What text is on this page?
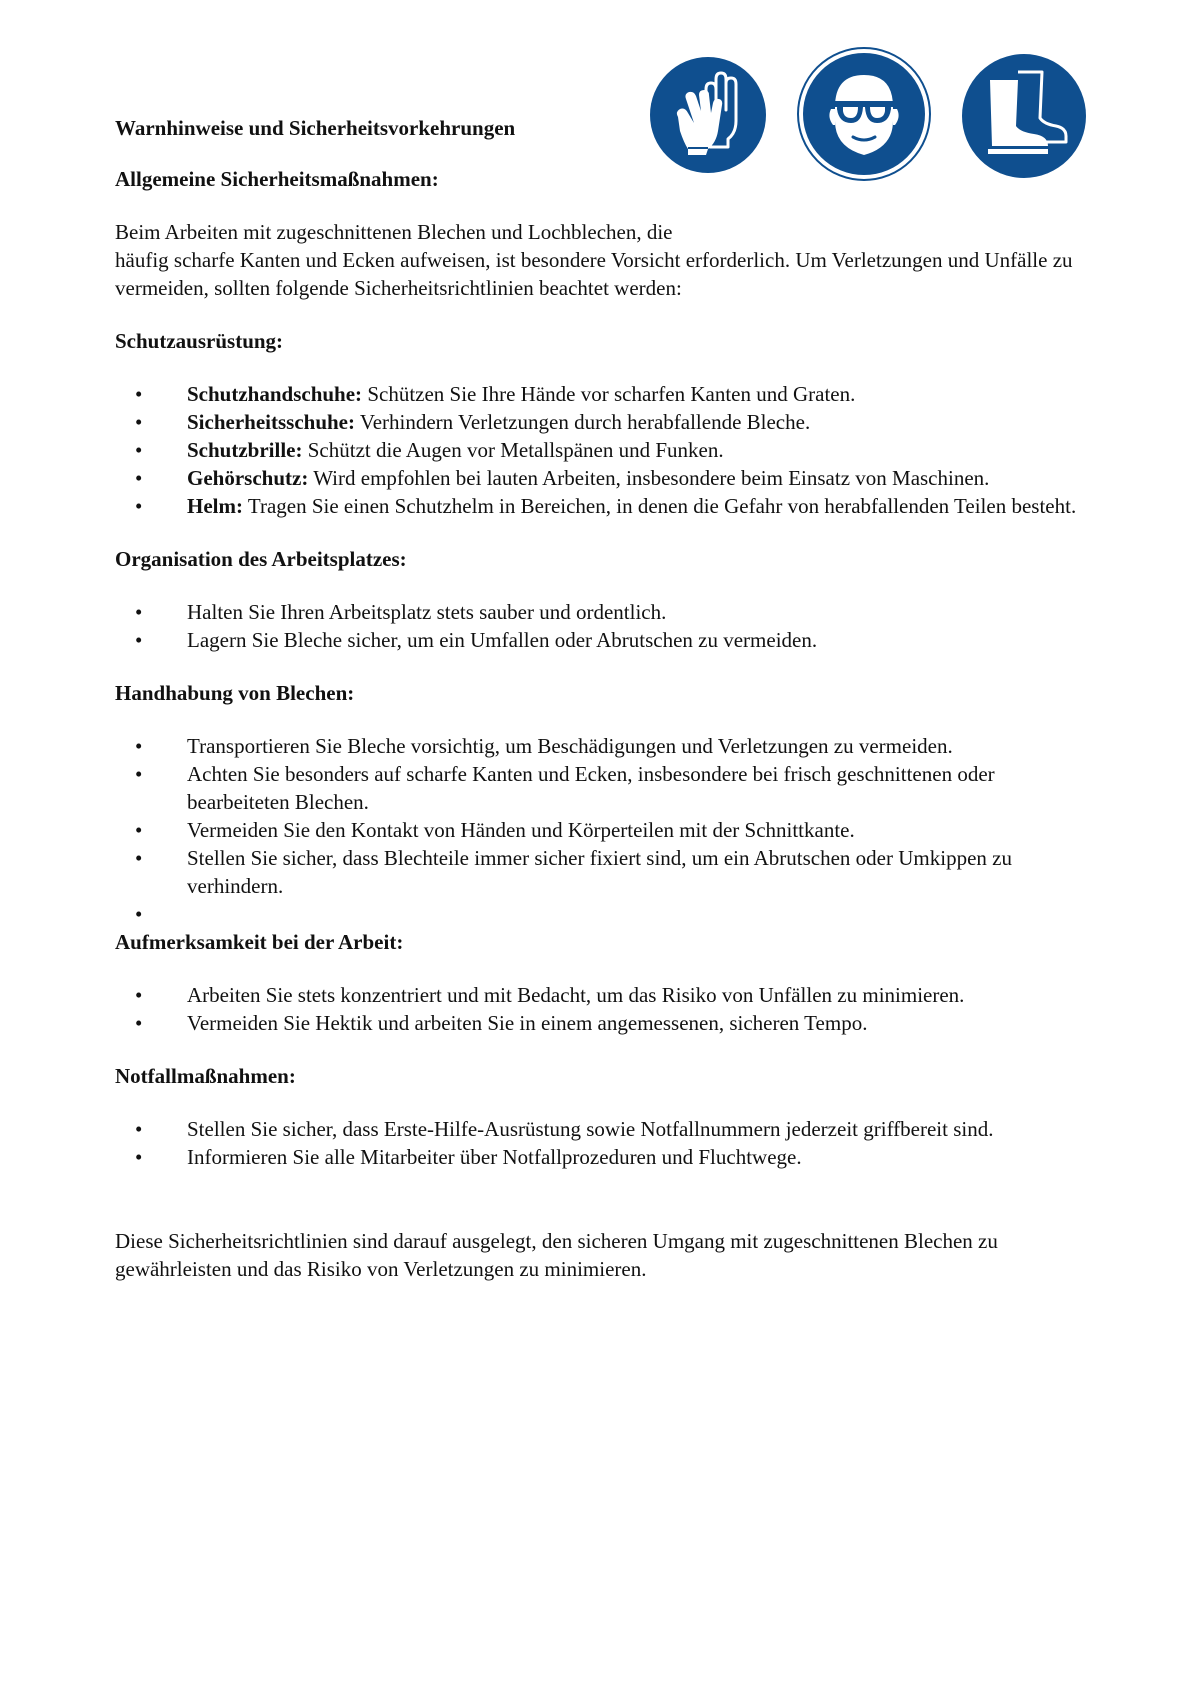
Warnhinweise und Sicherheitsvorkehrungen

Allgemeine Sicherheitsmaßnahmen:

Beim Arbeiten mit zugeschnittenen Blechen und Lochblechen, die

häufig scharfe Kanten und Ecken aufweisen, ist besondere Vorsicht erforderlich. Um Verletzungen und Unfälle zu vermeiden, sollten folgende Sicherheitsrichtlinien beachtet werden:

Schutzausrüstung:

•	Schutzhandschuhe: Schützen Sie Ihre Hände vor scharfen Kanten und Graten.
•	Sicherheitsschuhe: Verhindern Verletzungen durch herabfallende Bleche.
•	Schutzbrille: Schützt die Augen vor Metallspänen und Funken.
•	Gehörschutz: Wird empfohlen bei lauten Arbeiten, insbesondere beim Einsatz von Maschinen.
•	Helm: Tragen Sie einen Schutzhelm in Bereichen, in denen die Gefahr von herabfallenden Teilen besteht.

Organisation des Arbeitsplatzes:

•	Halten Sie Ihren Arbeitsplatz stets sauber und ordentlich.
•	Lagern Sie Bleche sicher, um ein Umfallen oder Abrutschen zu vermeiden.

Handhabung von Blechen:

•	Transportieren Sie Bleche vorsichtig, um Beschädigungen und Verletzungen zu vermeiden.
•	Achten Sie besonders auf scharfe Kanten und Ecken, insbesondere bei frisch geschnittenen oder bearbeiteten Blechen.
•	Vermeiden Sie den Kontakt von Händen und Körperteilen mit der Schnittkante.
•	Stellen Sie sicher, dass Blechteile immer sicher fixiert sind, um ein Abrutschen oder Umkippen zu verhindern.
•

Aufmerksamkeit bei der Arbeit:

•	Arbeiten Sie stets konzentriert und mit Bedacht, um das Risiko von Unfällen zu minimieren.
•	Vermeiden Sie Hektik und arbeiten Sie in einem angemessenen, sicheren Tempo.

Notfallmaßnahmen:

•	Stellen Sie sicher, dass Erste-Hilfe-Ausrüstung sowie Notfallnummern jederzeit griffbereit sind.
•	Informieren Sie alle Mitarbeiter über Notfallprozeduren und Fluchtwege.

Diese Sicherheitsrichtlinien sind darauf ausgelegt, den sicheren Umgang mit zugeschnittenen Blechen zu gewährleisten und das Risiko von Verletzungen zu minimieren.
